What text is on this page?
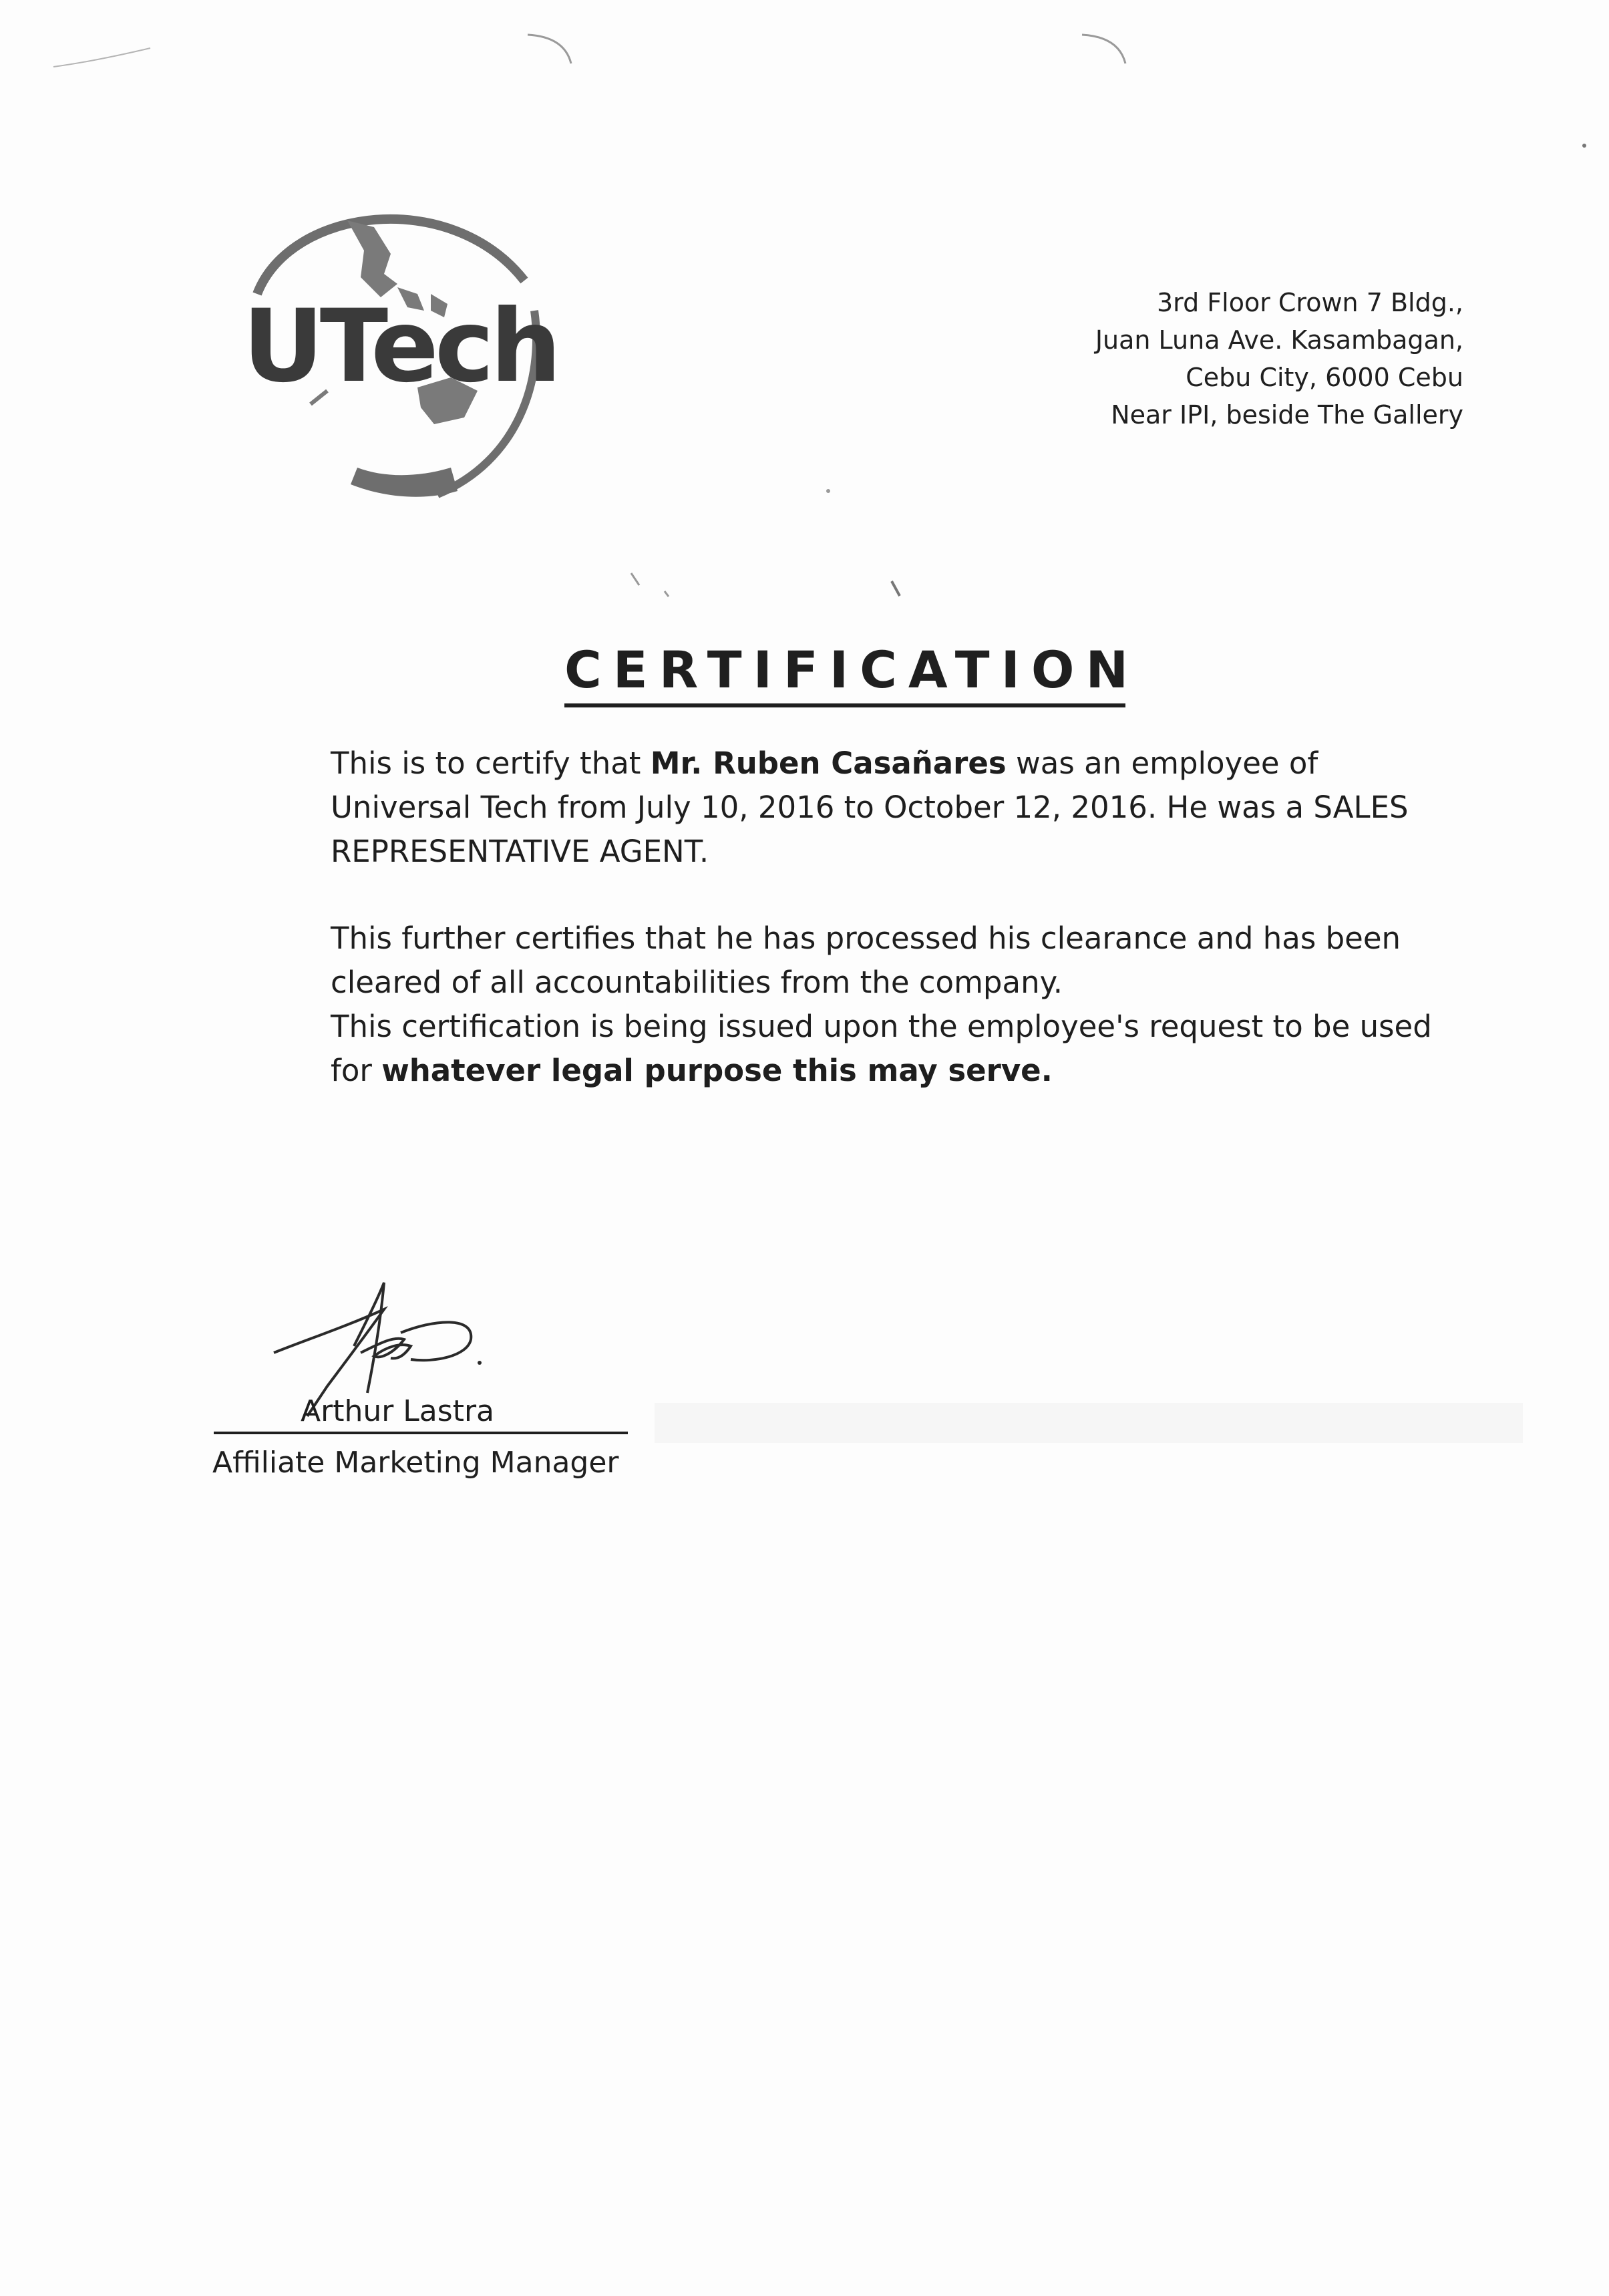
UTech	3rd Floor Crown 7 Bldg.,
Juan Luna Ave. Kasambagan,
Cebu City, 6000 Cebu
Near IPI, beside The Gallery
CERTIFICATION

This is to certify that Mr. Ruben Casañares was an employee of Universal Tech from July 10, 2016 to October 12, 2016. He was a SALES REPRESENTATIVE AGENT.

This further certifies that he has processed his clearance and has been cleared of all accountabilities from the company.

This certification is being issued upon the employee's request to be used for whatever legal purpose this may serve.

Arthur Lastra
Affiliate Marketing Manager
